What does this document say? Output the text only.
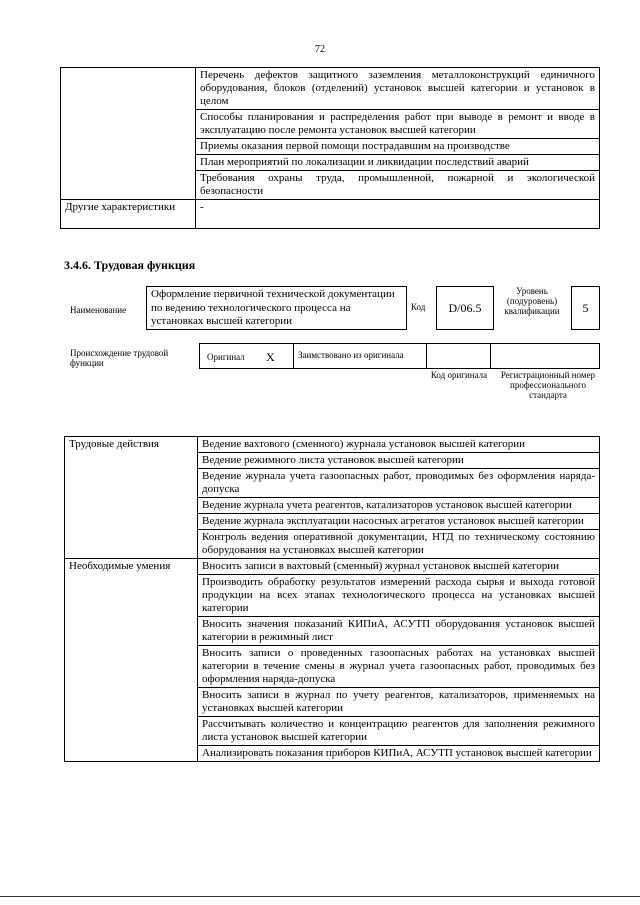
72
	Перечень дефектов защитного заземления металлоконструкций единичного оборудования, блоков (отделений) установок высшей категории и установок в целом
	Способы планирования и распределения работ при выводе в ремонт и вводе в эксплуатацию после ремонта установок высшей категории
	Приемы оказания первой помощи пострадавшим на производстве
	План мероприятий по локализации и ликвидации последствий аварий
	Требования охраны труда, промышленной, пожарной и экологической безопасности
Другие характеристики	-
3.4.6. Трудовая функция
Наименование
Оформление первичной технической документации по ведению технологического процесса на установках высшей категории
Код	D/06.5
Уровень (подуровень) квалификации	5
Происхождение трудовой функции
Оригинал X	Заимствовано из оригинала
Код оригинала	Регистрационный номер профессионального стандарта
Трудовые действия	Ведение вахтового (сменного) журнала установок высшей категории
	Ведение режимного листа установок высшей категории
	Ведение журнала учета газоопасных работ, проводимых без оформления наряда-допуска
	Ведение журнала учета реагентов, катализаторов установок высшей категории
	Ведение журнала эксплуатации насосных агрегатов установок высшей категории
	Контроль ведения оперативной документации, НТД по техническому состоянию оборудования на установках высшей категории
Необходимые умения	Вносить записи в вахтовый (сменный) журнал установок высшей категории
	Производить обработку результатов измерений расхода сырья и выхода готовой продукции на всех этапах технологического процесса на установках высшей категории
	Вносить значения показаний КИПиА, АСУТП оборудования установок высшей категории в режимный лист
	Вносить записи о проведенных газоопасных работах на установках высшей категории в течение смены в журнал учета газоопасных работ, проводимых без оформления наряда-допуска
	Вносить записи в журнал по учету реагентов, катализаторов, применяемых на установках высшей категории
	Рассчитывать количество и концентрацию реагентов для заполнения режимного листа установок высшей категории
	Анализировать показания приборов КИПиА, АСУТП установок высшей категории
